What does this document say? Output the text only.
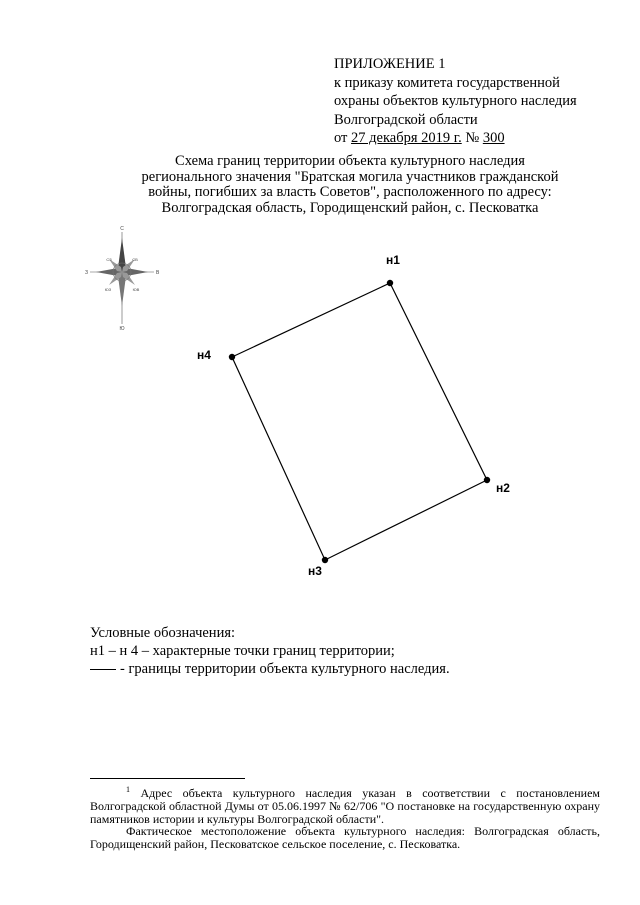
ПРИЛОЖЕНИЕ 1
к приказу комитета государственной
охраны объектов культурного наследия
Волгоградской области
от 27 декабря 2019 г. № 300
Схема границ территории объекта культурного наследия
регионального значения "Братская могила участников гражданской
войны, погибших за власть Советов", расположенного по адресу:
Волгоградская область, Городищенский район, с. Песковатка
С
СВ
В
ЮВ
Ю
ЮЗ
З
СЗ	н1
н2
н3
н4
Условные обозначения:
н1 – н 4 – характерные точки границ территории;
- границы территории объекта культурного наследия.

$^1$ Адрес объекта культурного наследия указан в соответствии с постановлением Волгоградской областной Думы от 05.06.1997 № 62/706 "О постановке на государственную охрану памятников истории и культуры Волгоградской области".

Фактическое местоположение объекта культурного наследия: Волгоградская область, Городищенский район, Песковатское сельское поселение, с. Песковатка.
